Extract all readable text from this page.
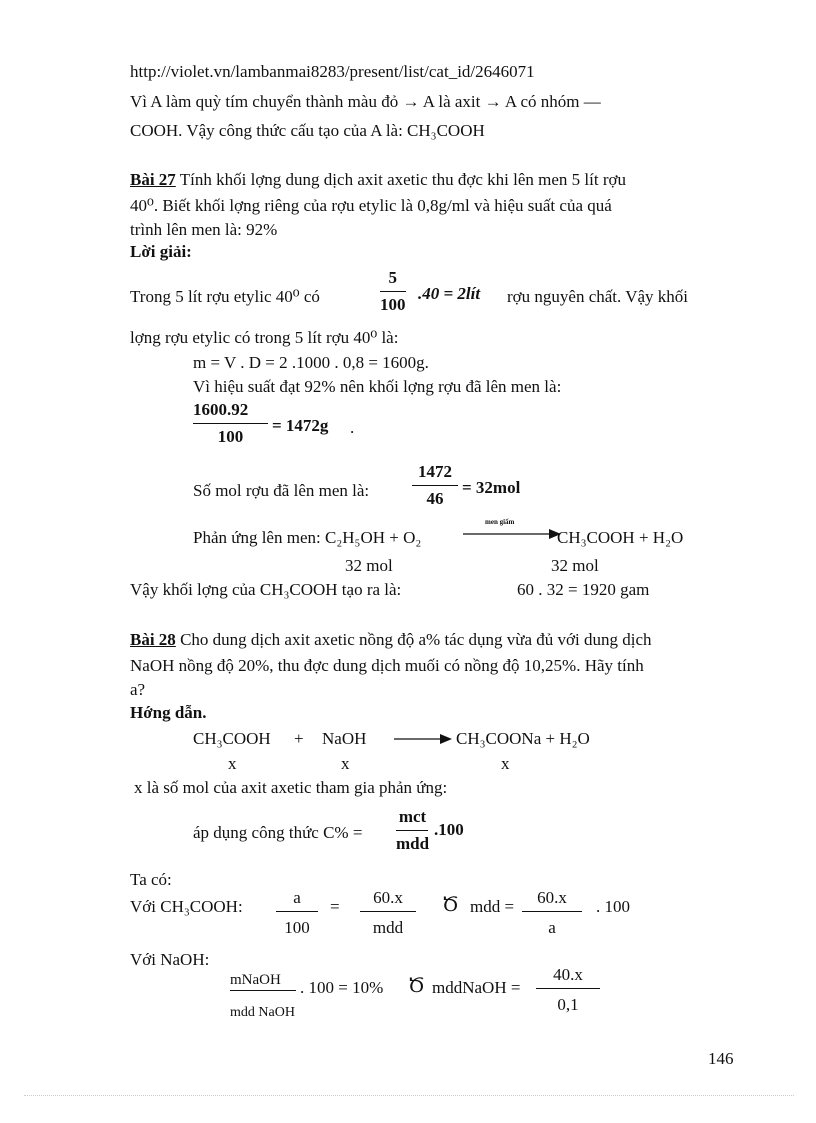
http://violet.vn/lambanmai8283/present/list/cat_id/2646071
Vì A làm quỳ tím chuyển thành màu đỏ → A là axit → A có nhóm —
COOH. Vậy công thức cấu tạo của A là: CH₃COOH
Bài 27 Tính khối lợng dung dịch axit axetic thu đợc khi lên men 5 lít rợu
40⁰. Biết khối lợng riêng của rợu etylic là 0,8g/ml và hiệu suất của quá
trình lên men là: 92%
Lời giải:
Trong 5 lít rợu etylic 40⁰ có
5
100
.40 = 2lít rợu nguyên chất. Vậy khối
lợng rợu etylic có trong 5 lít rợu 40⁰ là:
m = V . D = 2 .1000 . 0,8 = 1600g.
Vì hiệu suất đạt 92% nên khối lợng rợu đã lên men là:
1600.92
100
= 1472g .
Số mol rợu đã lên men là:
1472
46
= 32mol
Phản ứng lên men: C₂H₅OH + O₂
men giấm
CH₃COOH + H₂O
32 mol	32 mol
Vậy khối lợng của CH₃COOH tạo ra là:	60 . 32 = 1920 gam
Bài 28 Cho dung dịch axit axetic nồng độ a% tác dụng vừa đủ với dung dịch
NaOH nồng độ 20%, thu đợc dung dịch muối có nồng độ 10,25%. Hãy tính
a?
Hớng dẫn.
CH₃COOH + NaOH	CH₃COONa + H₂O
x	x	x
x là số mol của axit axetic tham gia phản ứng:
áp dụng công thức C% =
mct
mdd
.100
Ta có:
Với CH₃COOH:	a
100
=	60.x
mdd
Ծ mdd =	60.x
a
. 100
Với NaOH:
mNaOH
mdd NaOH
. 100 = 10% Ծ mddNaOH =
40.x
0,1
146
